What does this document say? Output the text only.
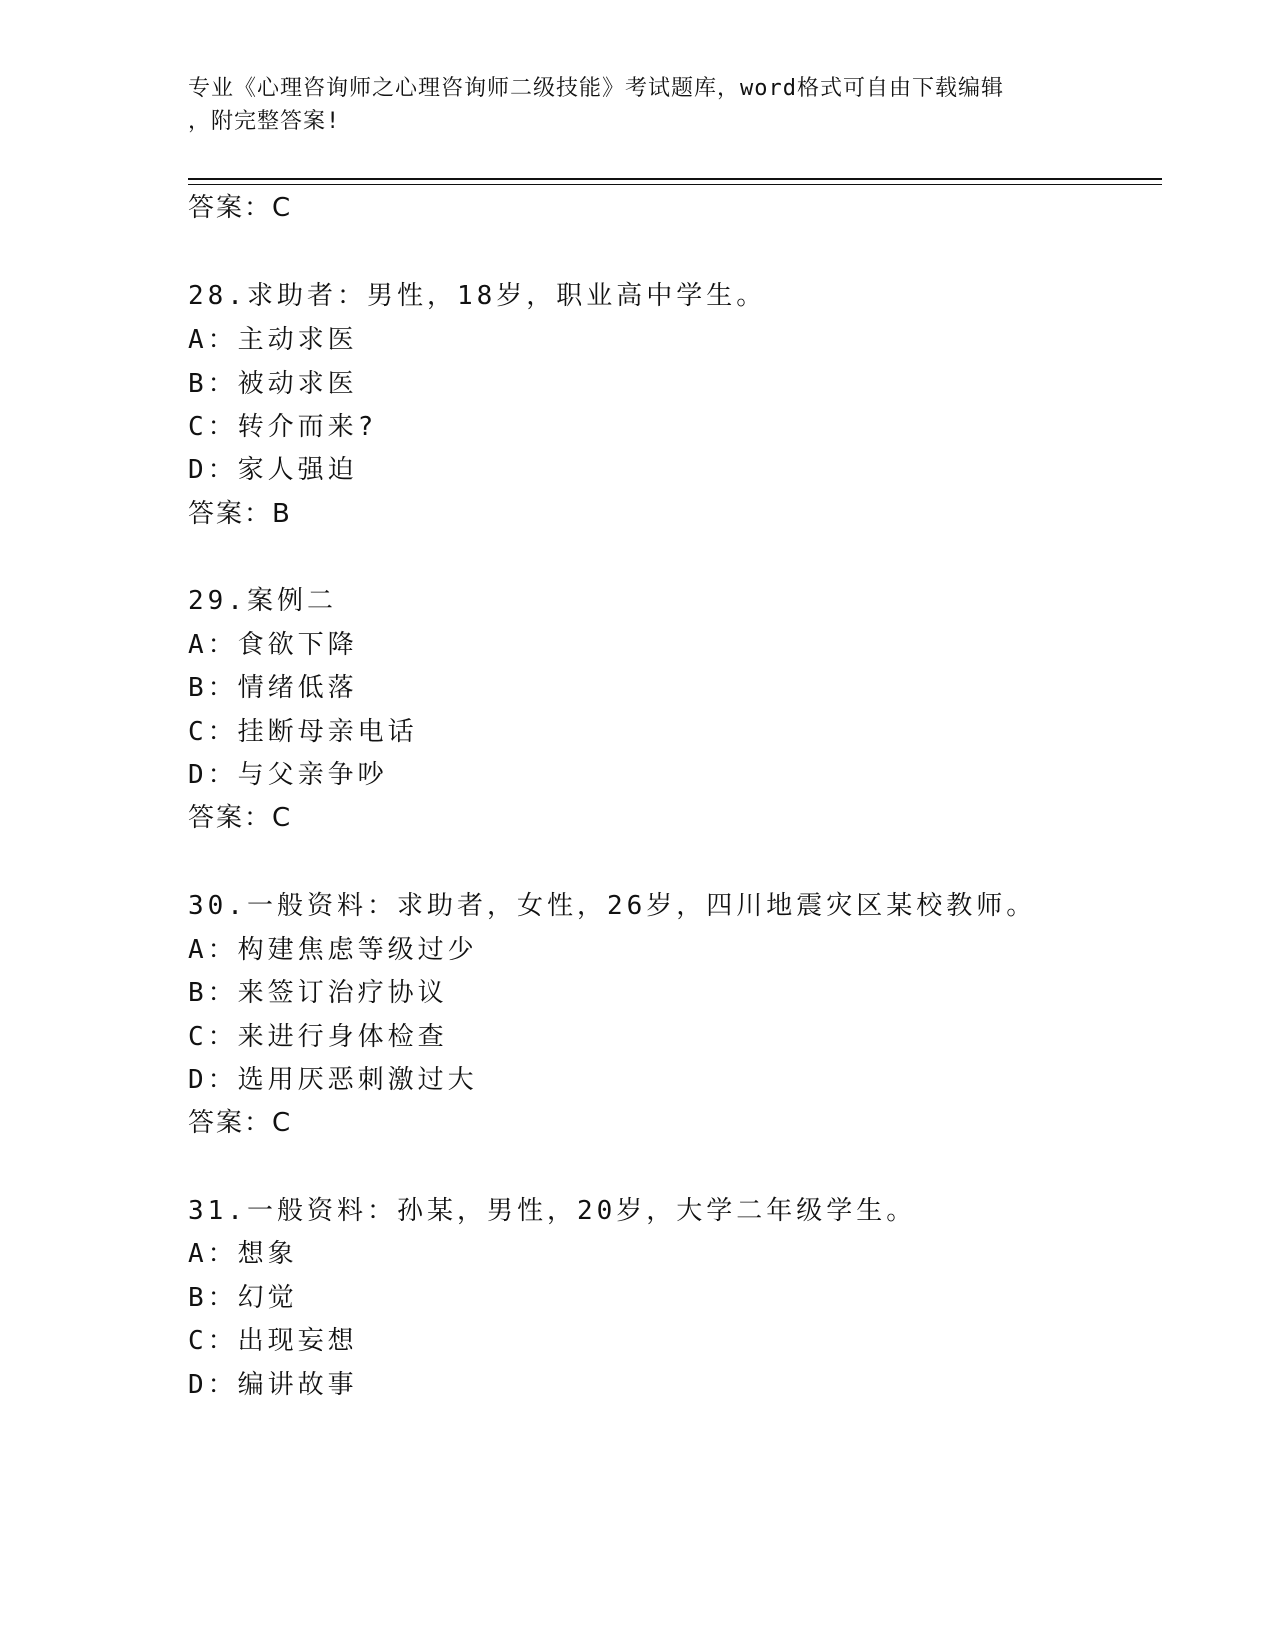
专业《心理咨询师之心理咨询师二级技能》考试题库，word格式可自由下载编辑
，附完整答案!
答案：C
28.求助者：男性，18岁，职业高中学生。
A：主动求医
B：被动求医
C：转介而来?
D：家人强迫
答案：B
29.案例二
A：食欲下降
B：情绪低落
C：挂断母亲电话
D：与父亲争吵
答案：C
30.一般资料：求助者，女性，26岁，四川地震灾区某校教师。
A：构建焦虑等级过少
B：来签订治疗协议
C：来进行身体检查
D：选用厌恶刺激过大
答案：C
31.一般资料：孙某，男性，20岁，大学二年级学生。
A：想象
B：幻觉
C：出现妄想
D：编讲故事
